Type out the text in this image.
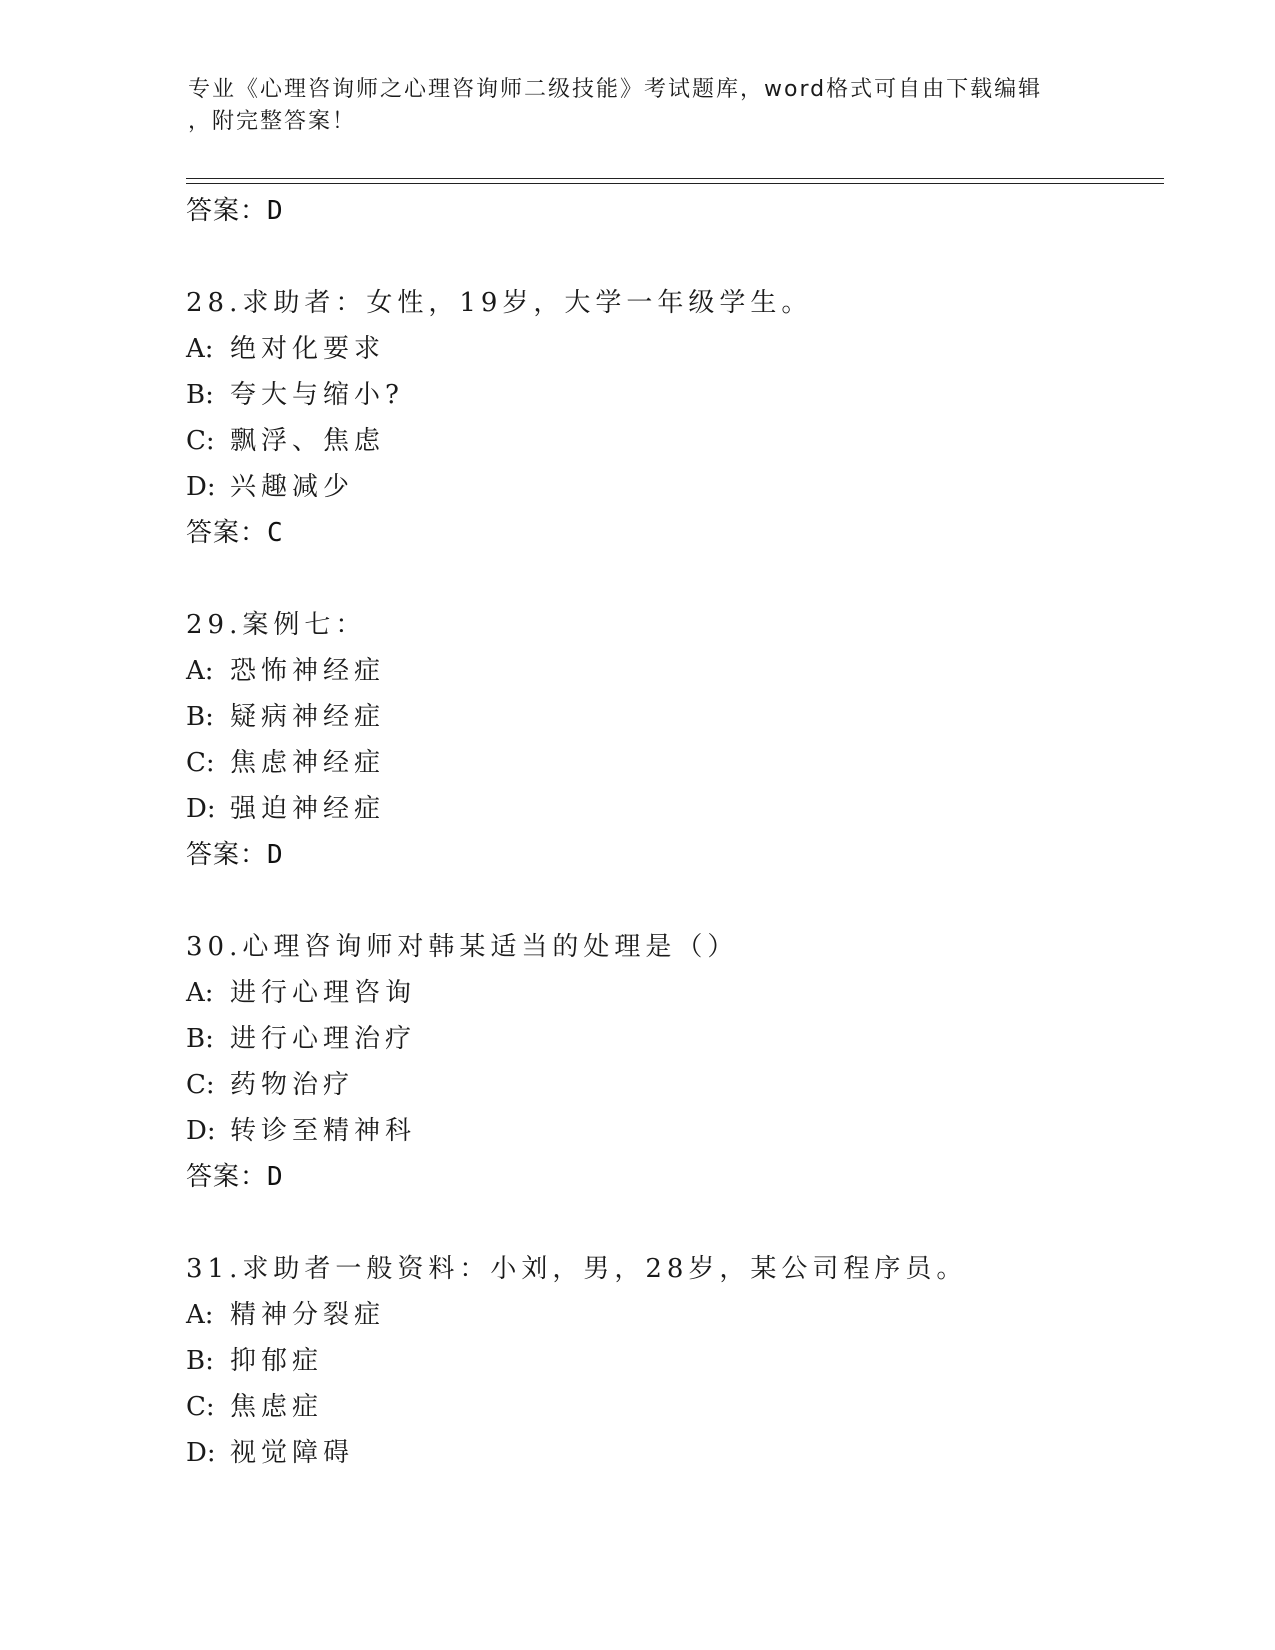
专业《心理咨询师之心理咨询师二级技能》考试题库，word格式可自由下载编辑
，附完整答案！
答案：D
28.求助者：女性，19岁，大学一年级学生。
A: 绝对化要求
B: 夸大与缩小?
C: 飘浮、焦虑
D: 兴趣减少
答案：C
29.案例七：
A: 恐怖神经症
B: 疑病神经症
C: 焦虑神经症
D: 强迫神经症
答案：D
30.心理咨询师对韩某适当的处理是（）
A: 进行心理咨询
B: 进行心理治疗
C: 药物治疗
D: 转诊至精神科
答案：D
31.求助者一般资料：小刘，男，28岁，某公司程序员。
A: 精神分裂症
B: 抑郁症
C: 焦虑症
D: 视觉障碍
